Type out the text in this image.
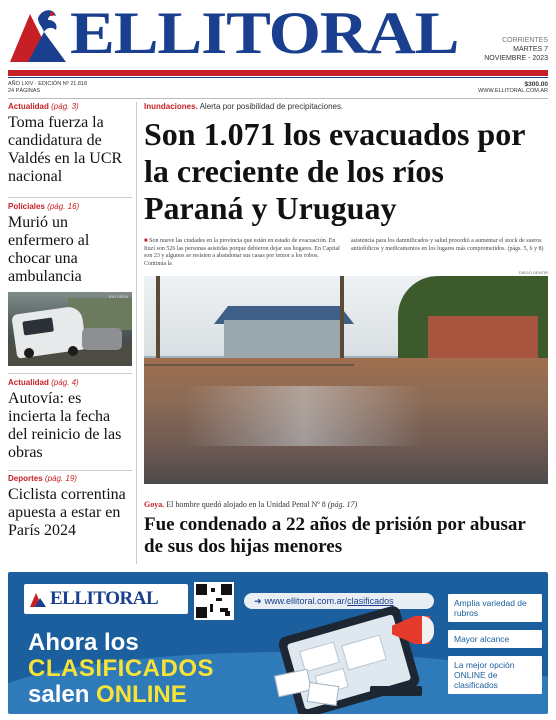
ELLITORAL	CORRIENTES
MARTES 7
NOVIEMBRE - 2023
AÑO LXIV · EDICIÓN Nº 21.818
24 PÁGINAS
$300.00
WWW.ELLITORAL.COM.AR
Actualidad (pág. 3)
Toma fuerza la candidatura de Valdés en la UCR nacional
Policiales (pág. 16)
Murió un enfermero al chocar una ambulancia
ENTUSEN
Actualidad (pág. 4)
Autovía: es incierta la fecha del reinicio de las obras
Deportes (pág. 19)
Ciclista correntina apuesta a estar en París 2024
Inundaciones. Alerta por posibilidad de precipitaciones.
Son 1.071 los evacuados por la creciente de los ríos Paraná y Uruguay
■ Son nueve las ciudades en la provincia que están en estado de evacuación. En Ituzí son 526 las personas asistidas porque debieron dejar sus hogares. En Capital son 23 y algunos se resisten a abandonar sus casas por temor a los robos. Continúa la
asistencia para los damnificados y salud procedió a aumentar el stock de sueros antiofídicos y medicamentos en los lugares más comprometidos. (págs. 5, 6 y 8)
DIEGO GENTIR
Goya. El hombre quedó alojado en la Unidad Penal Nº 8 (pág. 17)
Fue condenado a 22 años de prisión por abusar de sus dos hijas menores
ELLITORAL	➜ www.ellitoral.com.ar/clasificados
Ahora los
CLASIFICADOS
salen ONLINE
Amplia variedad de rubros
Mayor alcance
La mejor opción ONLINE de clasificados
